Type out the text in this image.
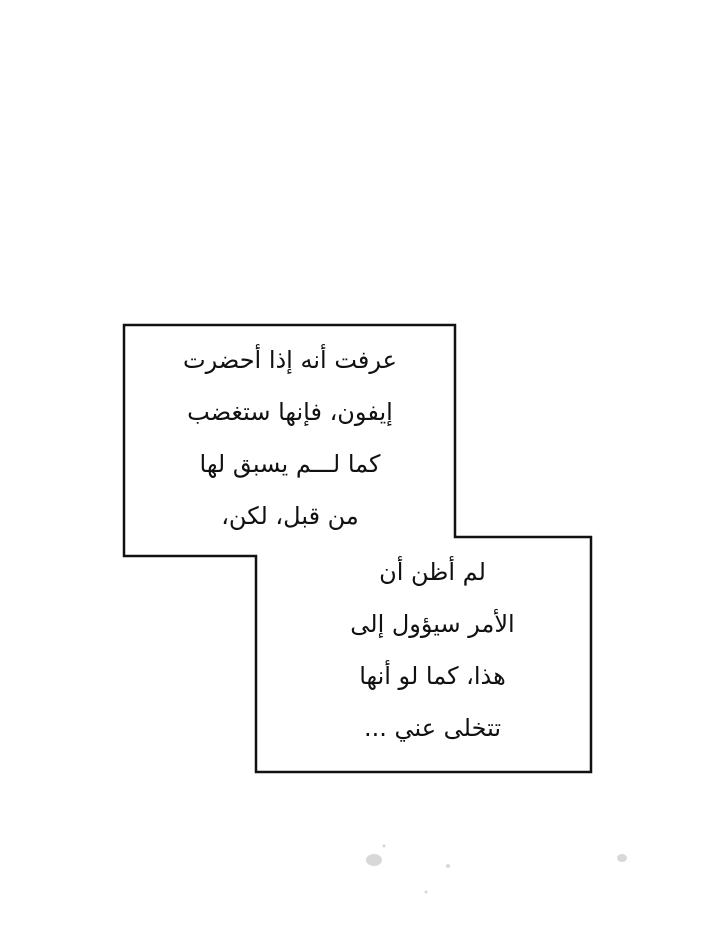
عرفت أنه إذا أحضرت
إيفون، فإنها ستغضب
كما لـــم يسبق لها
من قبل، لكن،
لم أظن أن
الأمر سيؤول إلى
هذا، كما لو أنها
تتخلى عني ...
